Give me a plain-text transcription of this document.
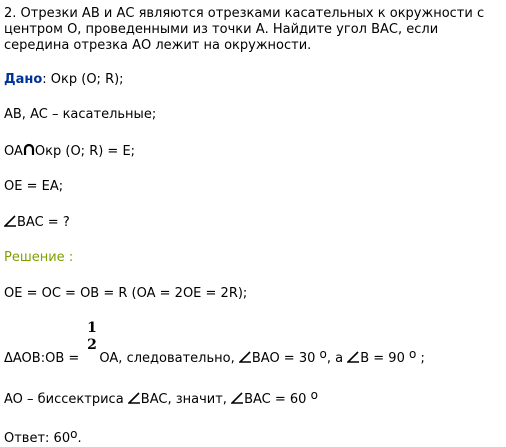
2. Отрезки АВ и АС являются отрезками касательных к окружности с центром О, проведенными из точки А. Найдите угол ВАС, если середина отрезка АО лежит на окружности.
Дано: Окр (O; R);
AB, AC – касательные;
OA Окр (O; R) = E;
OE = EA;
BAC = ?
Решение :
OE = OC = OB = R (OA = 2OE = 2R);
1
2
ΔAOB:OB = OA, следовательно, BAO = 30 o, а B = 90 o ;
AO – биссектриса BAC, значит, BAC = 60 o
Ответ: 60o.
